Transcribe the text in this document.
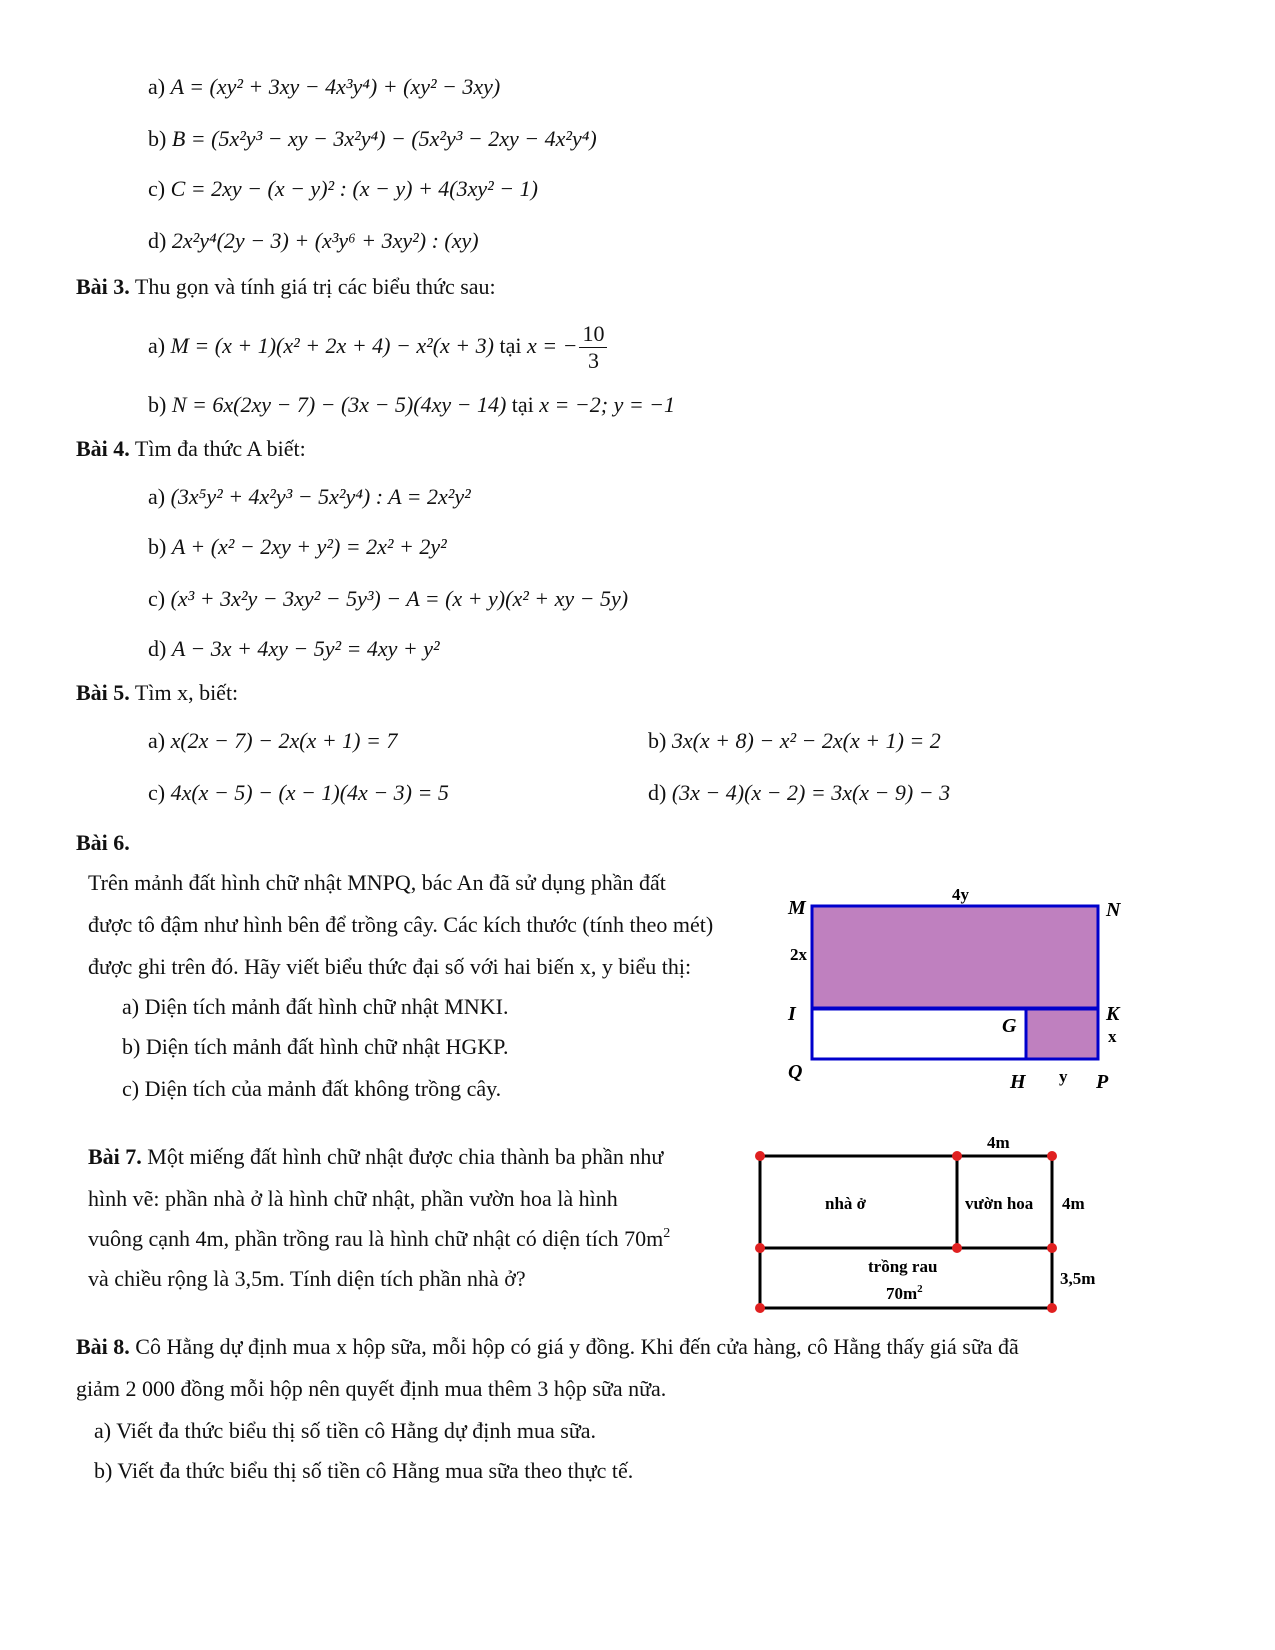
a) A = (xy² + 3xy − 4x³y⁴) + (xy² − 3xy)
b) B = (5x²y³ − xy − 3x²y⁴) − (5x²y³ − 2xy − 4x²y⁴)
c) C = 2xy − (x − y)² : (x − y) + 4(3xy² − 1)
d) 2x²y⁴(2y − 3) + (x³y⁶ + 3xy²) : (xy)
Bài 3. Thu gọn và tính giá trị các biểu thức sau:
a) M = (x + 1)(x² + 2x + 4) − x²(x + 3) tại x = − $\frac{10}{3}$
b) N = 6x(2xy − 7) − (3x − 5)(4xy − 14) tại x = −2; y = −1
Bài 4. Tìm đa thức A biết:
a) (3x⁵y² + 4x²y³ − 5x²y⁴) : A = 2x²y²
b) A + (x² − 2xy + y²) = 2x² + 2y²
c) (x³ + 3x²y − 3xy² − 5y³) − A = (x + y)(x² + xy − 5y)
d) A − 3x + 4xy − 5y² = 4xy + y²
Bài 5. Tìm x, biết:
a) x(2x − 7) − 2x(x + 1) = 7	b) 3x(x + 8) − x² − 2x(x + 1) = 2
c) 4x(x − 5) − (x − 1)(4x − 3) = 5	d) (3x − 4)(x − 2) = 3x(x − 9) − 3
Bài 6.
Trên mảnh đất hình chữ nhật MNPQ, bác An đã sử dụng phần đất
được tô đậm như hình bên để trồng cây. Các kích thước (tính theo mét)
được ghi trên đó. Hãy viết biểu thức đại số với hai biến x, y biểu thị:
a) Diện tích mảnh đất hình chữ nhật MNKI.
b) Diện tích mảnh đất hình chữ nhật HGKP.
c) Diện tích của mảnh đất không trồng cây.
M	N
I	K
G
Q	H	P
4y
2x
x
y
Bài 7. Một miếng đất hình chữ nhật được chia thành ba phần như
hình vẽ: phần nhà ở là hình chữ nhật, phần vườn hoa là hình
vuông cạnh 4m, phần trồng rau là hình chữ nhật có diện tích $70m^2$
và chiều rộng là 3,5m. Tính diện tích phần nhà ở?
4m
nhà ở	vườn hoa 4m
trồng rau
$70m^2$
3,5m
Bài 8. Cô Hằng dự định mua x hộp sữa, mỗi hộp có giá y đồng. Khi đến cửa hàng, cô Hằng thấy giá sữa đã
giảm 2 000 đồng mỗi hộp nên quyết định mua thêm 3 hộp sữa nữa.
a) Viết đa thức biểu thị số tiền cô Hằng dự định mua sữa.
b) Viết đa thức biểu thị số tiền cô Hằng mua sữa theo thực tế.
